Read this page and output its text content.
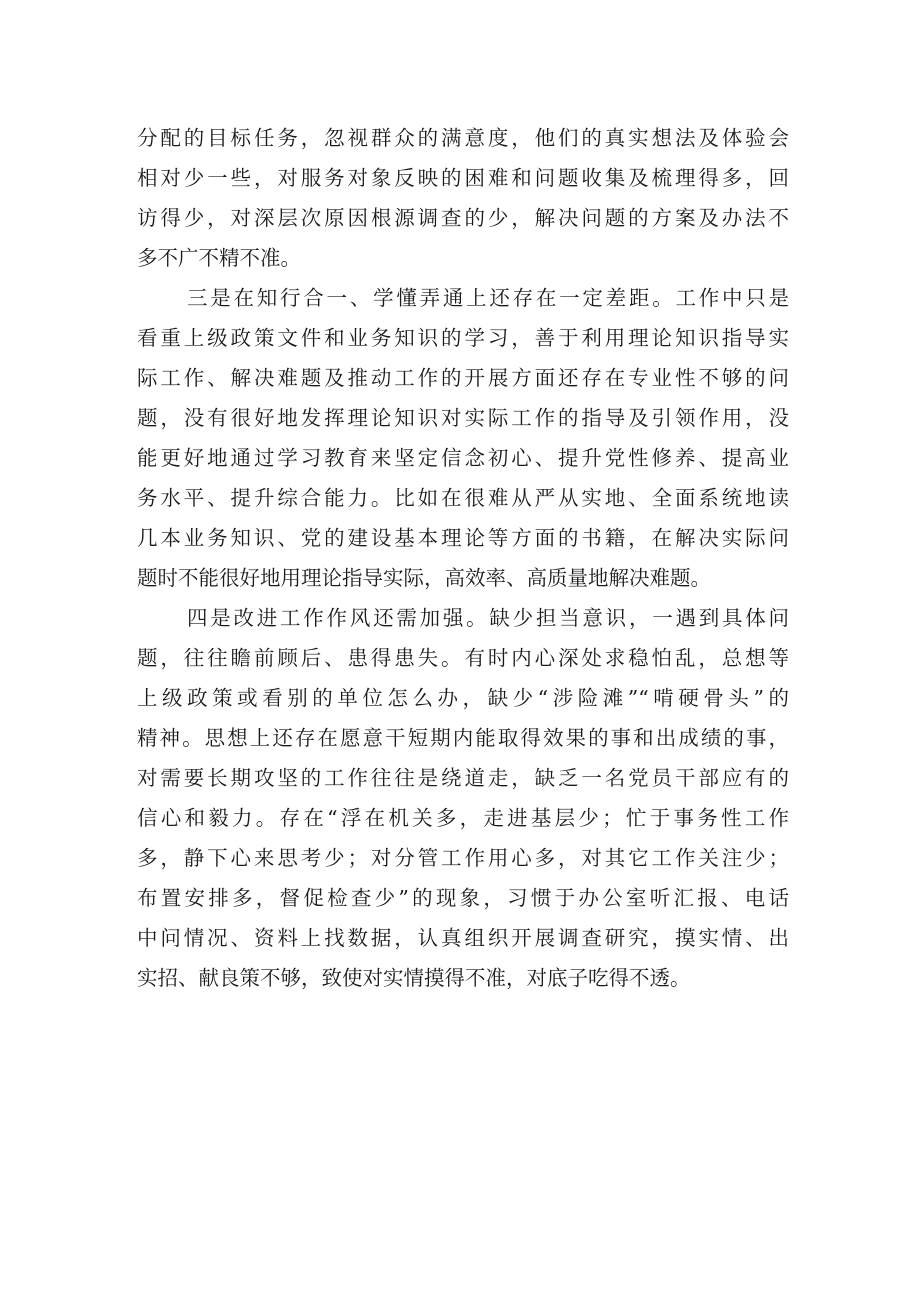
分配的目标任务，忽视群众的满意度，他们的真实想法及体验会
相对少一些，对服务对象反映的困难和问题收集及梳理得多，回
访得少，对深层次原因根源调查的少，解决问题的方案及办法不
多不广不精不准。
三是在知行合一、学懂弄通上还存在一定差距。工作中只是
看重上级政策文件和业务知识的学习，善于利用理论知识指导实
际工作、解决难题及推动工作的开展方面还存在专业性不够的问
题，没有很好地发挥理论知识对实际工作的指导及引领作用，没
能更好地通过学习教育来坚定信念初心、提升党性修养、提高业
务水平、提升综合能力。比如在很难从严从实地、全面系统地读
几本业务知识、党的建设基本理论等方面的书籍，在解决实际问
题时不能很好地用理论指导实际，高效率、高质量地解决难题。
四是改进工作作风还需加强。缺少担当意识，一遇到具体问
题，往往瞻前顾后、患得患失。有时内心深处求稳怕乱，总想等
上级政策或看别的单位怎么办，缺少“涉险滩”“啃硬骨头”的
精神。思想上还存在愿意干短期内能取得效果的事和出成绩的事，
对需要长期攻坚的工作往往是绕道走，缺乏一名党员干部应有的
信心和毅力。存在“浮在机关多，走进基层少；忙于事务性工作
多，静下心来思考少；对分管工作用心多，对其它工作关注少；
布置安排多，督促检查少”的现象，习惯于办公室听汇报、电话
中问情况、资料上找数据，认真组织开展调查研究，摸实情、出
实招、献良策不够，致使对实情摸得不准，对底子吃得不透。
